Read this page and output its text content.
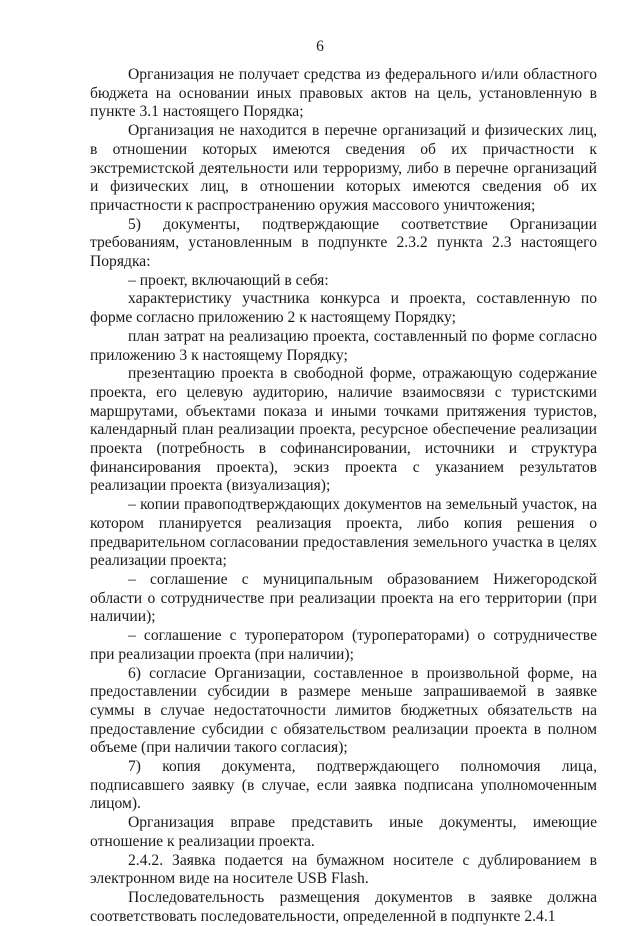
6

Организация не получает средства из федерального и/или областного бюджета на основании иных правовых актов на цель, установленную в пункте 3.1 настоящего Порядка;

Организация не находится в перечне организаций и физических лиц, в отношении которых имеются сведения об их причастности к экстремистской деятельности или терроризму, либо в перечне организаций и физических лиц, в отношении которых имеются сведения об их причастности к распространению оружия массового уничтожения;

5) документы, подтверждающие соответствие Организации требованиям, установленным в подпункте 2.3.2 пункта 2.3 настоящего Порядка:

– проект, включающий в себя:

характеристику участника конкурса и проекта, составленную по форме согласно приложению 2 к настоящему Порядку;

план затрат на реализацию проекта, составленный по форме согласно приложению 3 к настоящему Порядку;

презентацию проекта в свободной форме, отражающую содержание проекта, его целевую аудиторию, наличие взаимосвязи с туристскими маршрутами, объектами показа и иными точками притяжения туристов, календарный план реализации проекта, ресурсное обеспечение реализации проекта (потребность в софинансировании, источники и структура финансирования проекта), эскиз проекта с указанием результатов реализации проекта (визуализация);

– копии правоподтверждающих документов на земельный участок, на котором планируется реализация проекта, либо копия решения о предварительном согласовании предоставления земельного участка в целях реализации проекта;

– соглашение с муниципальным образованием Нижегородской области о сотрудничестве при реализации проекта на его территории (при наличии);

– соглашение с туроператором (туроператорами) о сотрудничестве при реализации проекта (при наличии);

6) согласие Организации, составленное в произвольной форме, на предоставлении субсидии в размере меньше запрашиваемой в заявке суммы в случае недостаточности лимитов бюджетных обязательств на предоставление субсидии с обязательством реализации проекта в полном объеме (при наличии такого согласия);

7) копия документа, подтверждающего полномочия лица, подписавшего заявку (в случае, если заявка подписана уполномоченным лицом).

Организация вправе представить иные документы, имеющие отношение к реализации проекта.

2.4.2. Заявка подается на бумажном носителе с дублированием в электронном виде на носителе USB Flash.

Последовательность размещения документов в заявке должна соответствовать последовательности, определенной в подпункте 2.4.1
